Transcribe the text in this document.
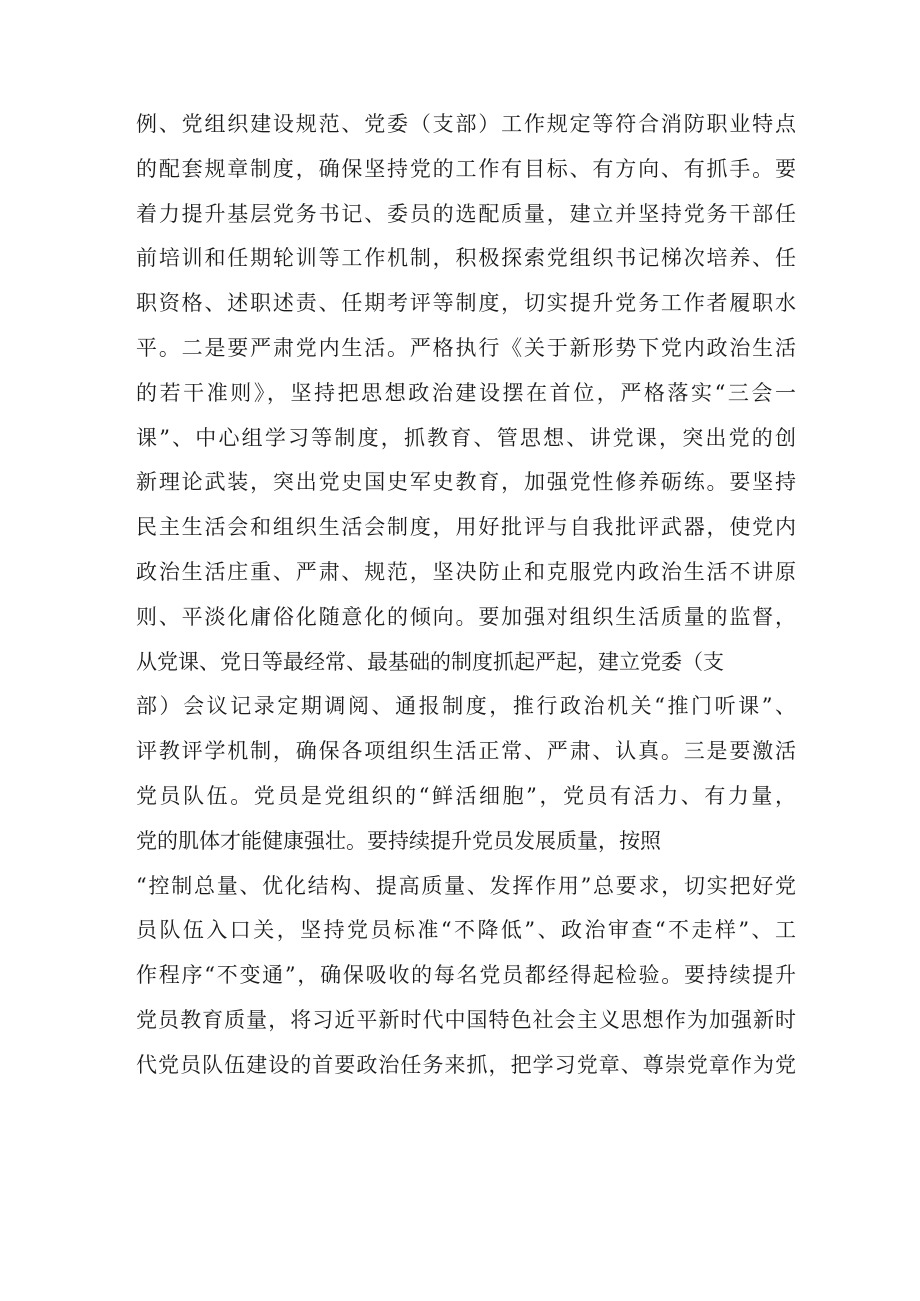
例、党组织建设规范、党委（支部）工作规定等符合消防职业特点
的配套规章制度，确保坚持党的工作有目标、有方向、有抓手。要
着力提升基层党务书记、委员的选配质量，建立并坚持党务干部任
前培训和任期轮训等工作机制，积极探索党组织书记梯次培养、任
职资格、述职述责、任期考评等制度，切实提升党务工作者履职水
平。二是要严肃党内生活。严格执行《关于新形势下党内政治生活
的若干准则》，坚持把思想政治建设摆在首位，严格落实“三会一
课”、中心组学习等制度，抓教育、管思想、讲党课，突出党的创
新理论武装，突出党史国史军史教育，加强党性修养砺练。要坚持
民主生活会和组织生活会制度，用好批评与自我批评武器，使党内
政治生活庄重、严肃、规范，坚决防止和克服党内政治生活不讲原
则、平淡化庸俗化随意化的倾向。要加强对组织生活质量的监督，
从党课、党日等最经常、最基础的制度抓起严起，建立党委（支
部）会议记录定期调阅、通报制度，推行政治机关“推门听课”、
评教评学机制，确保各项组织生活正常、严肃、认真。三是要激活
党员队伍。党员是党组织的“鲜活细胞”，党员有活力、有力量，
党的肌体才能健康强壮。要持续提升党员发展质量，按照
“控制总量、优化结构、提高质量、发挥作用”总要求，切实把好党
员队伍入口关，坚持党员标准“不降低”、政治审查“不走样”、工
作程序“不变通”，确保吸收的每名党员都经得起检验。要持续提升
党员教育质量，将习近平新时代中国特色社会主义思想作为加强新时
代党员队伍建设的首要政治任务来抓，把学习党章、尊崇党章作为党
